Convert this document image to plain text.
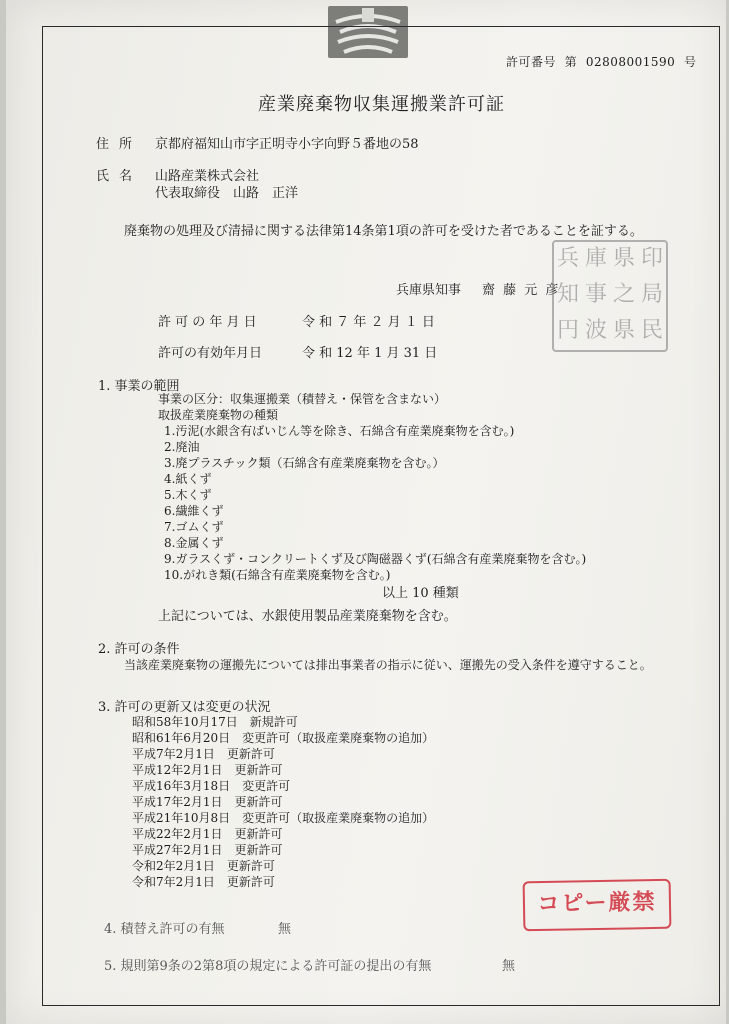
許可番号 第 02808001590 号
産業廃棄物収集運搬業許可証
住所 京都府福知山市字正明寺小字向野５番地の58
氏名 山路産業株式会社
代表取締役　山路　正洋
廃棄物の処理及び清掃に関する法律第14条第1項の許可を受けた者であることを証する。
兵庫県知事 齋 藤 元 彦
兵 庫 県 印
知 事 之 局
円 波 県 民
許 可 の 年 月 日	令 和 ７ 年 ２ 月 １ 日
許可の有効年月日	令 和 12 年 1 月 31 日
1. 事業の範囲
事業の区分：収集運搬業（積替え・保管を含まない）
取扱産業廃棄物の種類
1.汚泥(水銀含有ばいじん等を除き、石綿含有産業廃棄物を含む。)
2.廃油
3.廃プラスチック類（石綿含有産業廃棄物を含む。）
4.紙くず
5.木くず
6.繊維くず
7.ゴムくず
8.金属くず
9.ガラスくず・コンクリートくず及び陶磁器くず(石綿含有産業廃棄物を含む。)
10.がれき類(石綿含有産業廃棄物を含む。)
以上 10 種類
上記については、水銀使用製品産業廃棄物を含む。
2. 許可の条件
当該産業廃棄物の運搬先については排出事業者の指示に従い、運搬先の受入条件を遵守すること。
3. 許可の更新又は変更の状況
昭和58年10月17日　新規許可
昭和61年6月20日　変更許可（取扱産業廃棄物の追加）
平成7年2月1日　更新許可
平成12年2月1日　更新許可
平成16年3月18日　変更許可
平成17年2月1日　更新許可
平成21年10月8日　変更許可（取扱産業廃棄物の追加）
平成22年2月1日　更新許可
平成27年2月1日　更新許可
令和2年2月1日　更新許可
令和7年2月1日　更新許可
コピー厳禁
4. 積替え許可の有無	無
5. 規則第9条の2第8項の規定による許可証の提出の有無	無
